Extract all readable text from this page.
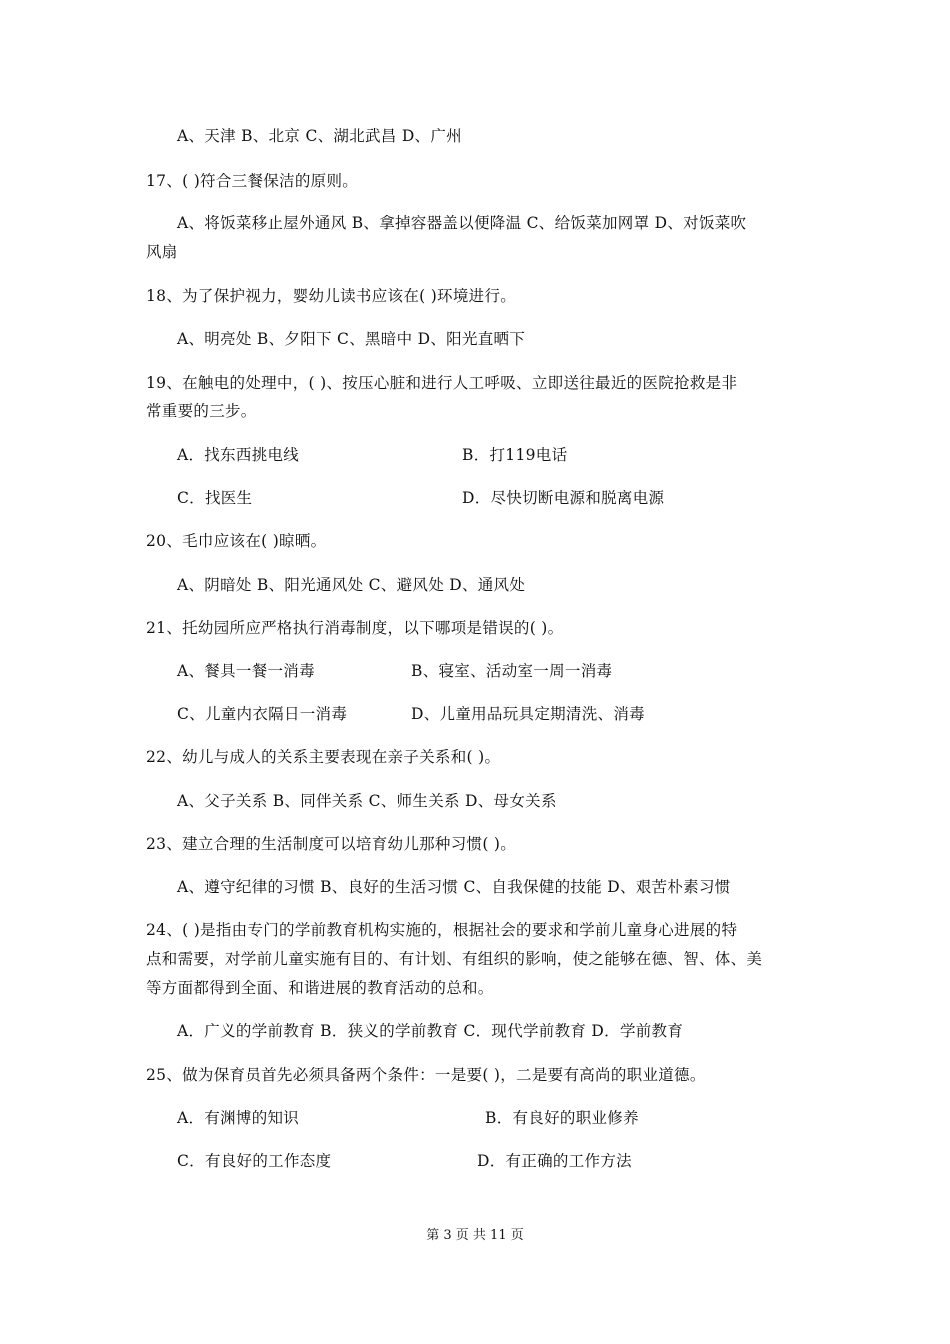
A、天津 B、北京 C、湖北武昌 D、广州
17、( )符合三餐保洁的原则。
A、将饭菜移止屋外通风 B、拿掉容器盖以便降温 C、给饭菜加网罩 D、对饭菜吹
风扇
18、为了保护视力，婴幼儿读书应该在( )环境进行。
A、明亮处 B、夕阳下 C、黑暗中 D、阳光直晒下
19、在触电的处理中，( )、按压心脏和进行人工呼吸、立即送往最近的医院抢救是非
常重要的三步。
A．找东西挑电线	B．打119电话
C．找医生	D．尽快切断电源和脱离电源
20、毛巾应该在( )晾晒。
A、阴暗处 B、阳光通风处 C、避风处 D、通风处
21、托幼园所应严格执行消毒制度，以下哪项是错误的( )。
A、餐具一餐一消毒	B、寝室、活动室一周一消毒
C、儿童内衣隔日一消毒	D、儿童用品玩具定期清洗、消毒
22、幼儿与成人的关系主要表现在亲子关系和( )。
A、父子关系 B、同伴关系 C、师生关系 D、母女关系
23、建立合理的生活制度可以培育幼儿那种习惯( )。
A、遵守纪律的习惯 B、良好的生活习惯 C、自我保健的技能 D、艰苦朴素习惯
24、( )是指由专门的学前教育机构实施的，根据社会的要求和学前儿童身心进展的特
点和需要，对学前儿童实施有目的、有计划、有组织的影响，使之能够在德、智、体、美
等方面都得到全面、和谐进展的教育活动的总和。
A．广义的学前教育 B．狭义的学前教育 C．现代学前教育 D．学前教育
25、做为保育员首先必须具备两个条件：一是要( )，二是要有高尚的职业道德。
A．有渊博的知识	B．有良好的职业修养
C．有良好的工作态度	D．有正确的工作方法
第 3 页 共 11 页
